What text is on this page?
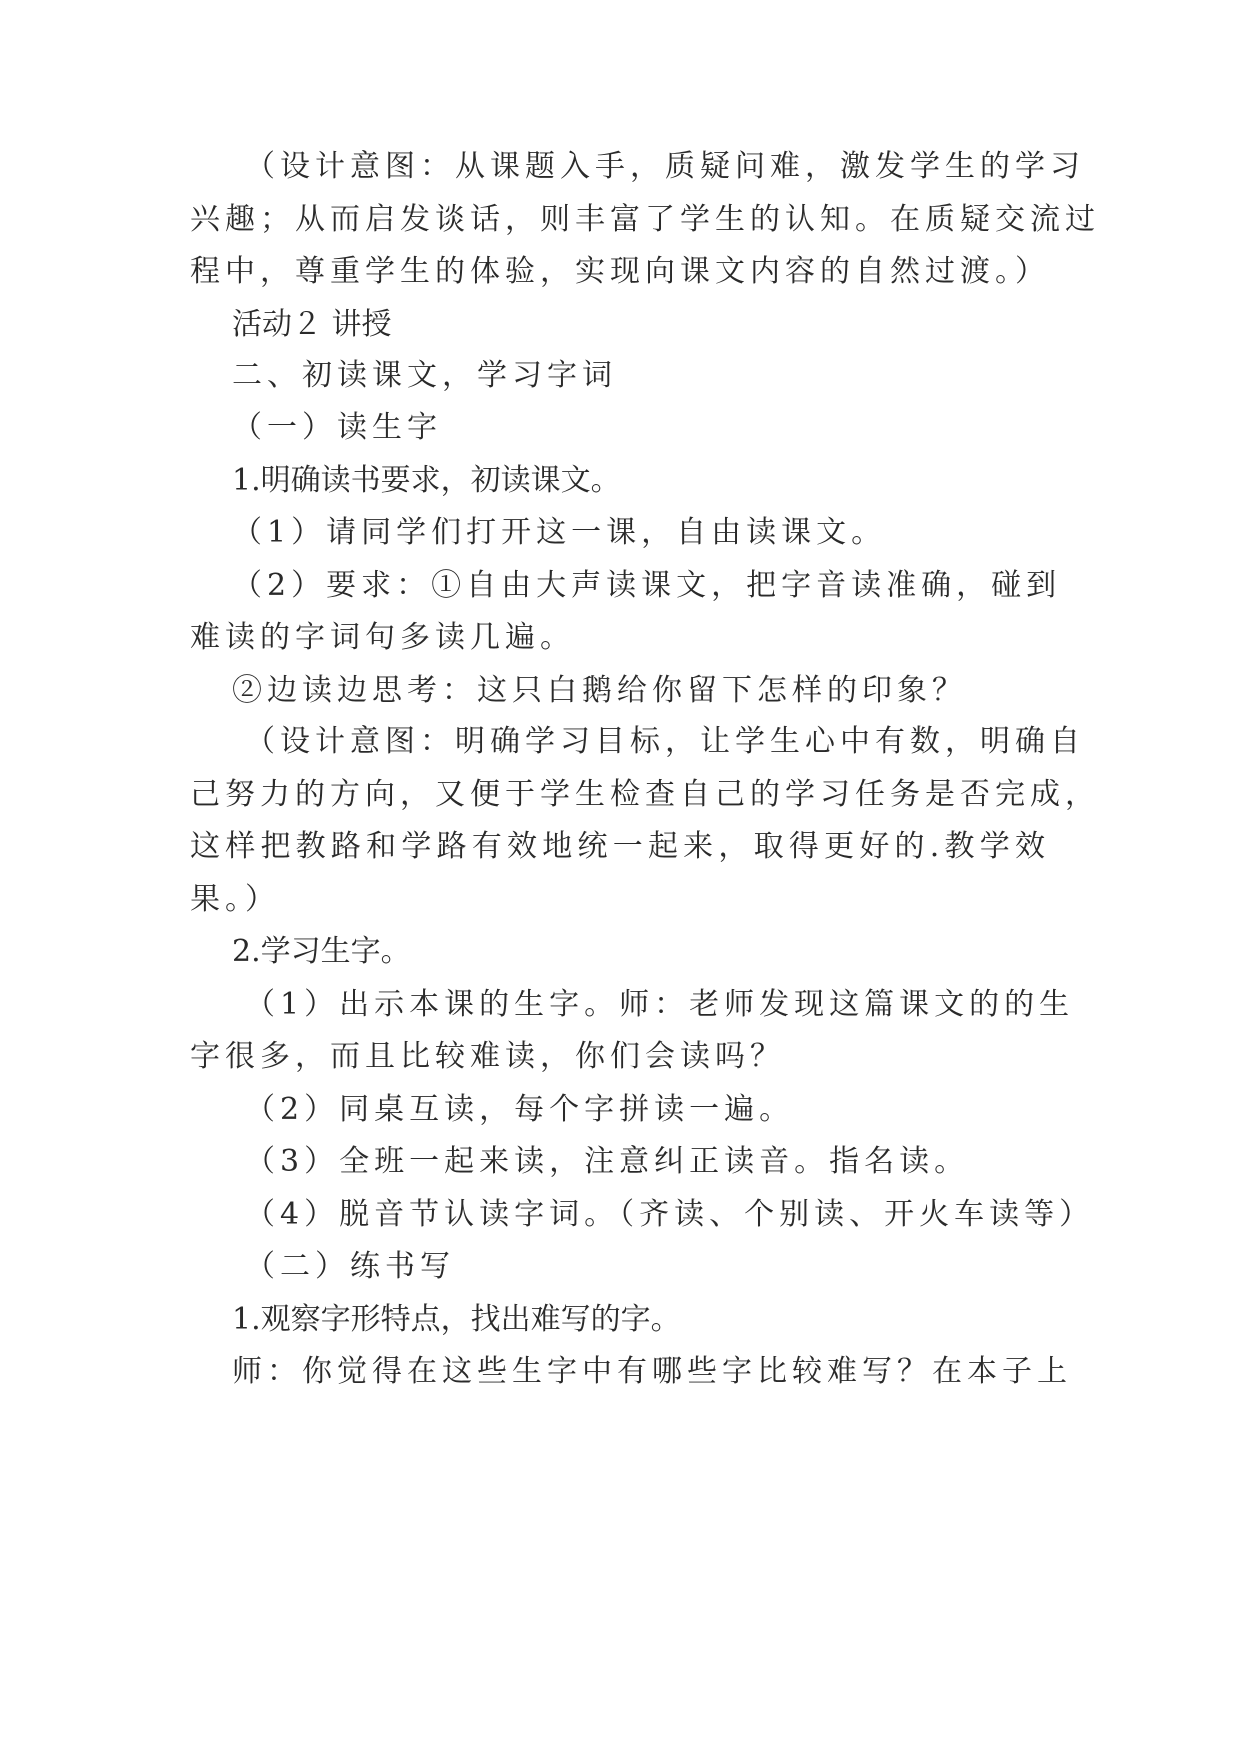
（设计意图：从课题入手，质疑问难，激发学生的学习

兴趣；从而启发谈话，则丰富了学生的认知。在质疑交流过

程中，尊重学生的体验，实现向课文内容的自然过渡。）

活动２ 讲授

二、初读课文，学习字词

（一）读生字

1.明确读书要求，初读课文。

（1）请同学们打开这一课，自由读课文。

（2）要求：①自由大声读课文，把字音读准确，碰到

难读的字词句多读几遍。

②边读边思考：这只白鹅给你留下怎样的印象？

（设计意图：明确学习目标，让学生心中有数，明确自

己努力的方向，又便于学生检查自己的学习任务是否完成，

这样把教路和学路有效地统一起来，取得更好的.教学效

果。）

2.学习生字。

（1）出示本课的生字。师：老师发现这篇课文的的生

字很多，而且比较难读，你们会读吗？

（2）同桌互读，每个字拼读一遍。

（3）全班一起来读，注意纠正读音。指名读。

（4）脱音节认读字词。（齐读、个别读、开火车读等）

（二）练书写

1.观察字形特点，找出难写的字。

师：你觉得在这些生字中有哪些字比较难写？在本子上
